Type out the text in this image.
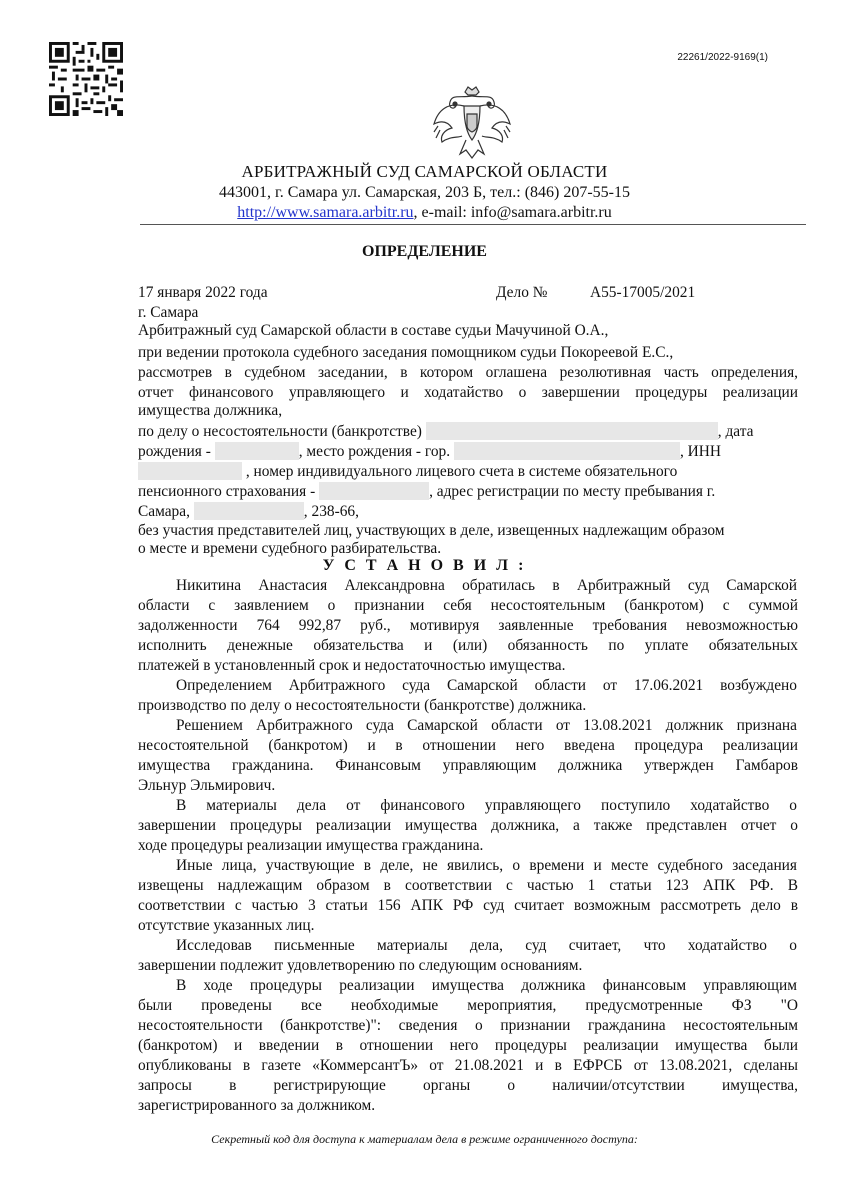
22261/2022-9169(1)
АРБИТРАЖНЫЙ СУД САМАРСКОЙ ОБЛАСТИ
443001, г. Самара ул. Самарская, 203 Б, тел.: (846) 207-55-15
http://www.samara.arbitr.ru, e-mail: info@samara.arbitr.ru
ОПРЕДЕЛЕНИЕ
17 января 2022 года	Дело №	А55-17005/2021
г. Самара
Арбитражный суд Самарской области в составе судьи Мачучиной О.А.,
при ведении протокола судебного заседания помощником судьи Покореевой Е.С.,
рассмотрев в судебном заседании, в котором оглашена резолютивная часть определения,
отчет финансового управляющего и ходатайство о завершении процедуры реализации
имущества должника,
по делу о несостоятельности (банкротстве)	, дата
рождения -	, место рождения - гор.	, ИНН
, номер индивидуального лицевого счета в системе обязательного
пенсионного страхования -	, адрес регистрации по месту пребывания г.
Самара,	, 238-66,
без участия представителей лиц, участвующих в деле, извещенных надлежащим образом
о месте и времени судебного разбирательства.
У С Т А Н О В И Л :
Никитина Анастасия Александровна обратилась в Арбитражный суд Самарской
области с заявлением о признании себя несостоятельным (банкротом) с суммой
задолженности 764 992,87 руб., мотивируя заявленные требования невозможностью
исполнить денежные обязательства и (или) обязанность по уплате обязательных
платежей в установленный срок и недостаточностью имущества.
Определением Арбитражного суда Самарской области от 17.06.2021 возбуждено
производство по делу о несостоятельности (банкротстве) должника.
Решением Арбитражного суда Самарской области от 13.08.2021 должник признана
несостоятельной (банкротом) и в отношении него введена процедура реализации
имущества гражданина. Финансовым управляющим должника утвержден Гамбаров
Эльнур Эльмирович.
В материалы дела от финансового управляющего поступило ходатайство о
завершении процедуры реализации имущества должника, а также представлен отчет о
ходе процедуры реализации имущества гражданина.
Иные лица, участвующие в деле, не явились, о времени и месте судебного заседания
извещены надлежащим образом в соответствии с частью 1 статьи 123 АПК РФ. В
соответствии с частью 3 статьи 156 АПК РФ суд считает возможным рассмотреть дело в
отсутствие указанных лиц.
Исследовав письменные материалы дела, суд считает, что ходатайство о
завершении подлежит удовлетворению по следующим основаниям.
В ходе процедуры реализации имущества должника финансовым управляющим
были проведены все необходимые мероприятия, предусмотренные ФЗ "О
несостоятельности (банкротстве)": сведения о признании гражданина несостоятельным
(банкротом) и введении в отношении него процедуры реализации имущества были
опубликованы в газете «КоммерсантЪ» от 21.08.2021 и в ЕФРСБ от 13.08.2021, сделаны
запросы в регистрирующие органы о наличии/отсутствии имущества,
зарегистрированного за должником.
Секретный код для доступа к материалам дела в режиме ограниченного доступа:
